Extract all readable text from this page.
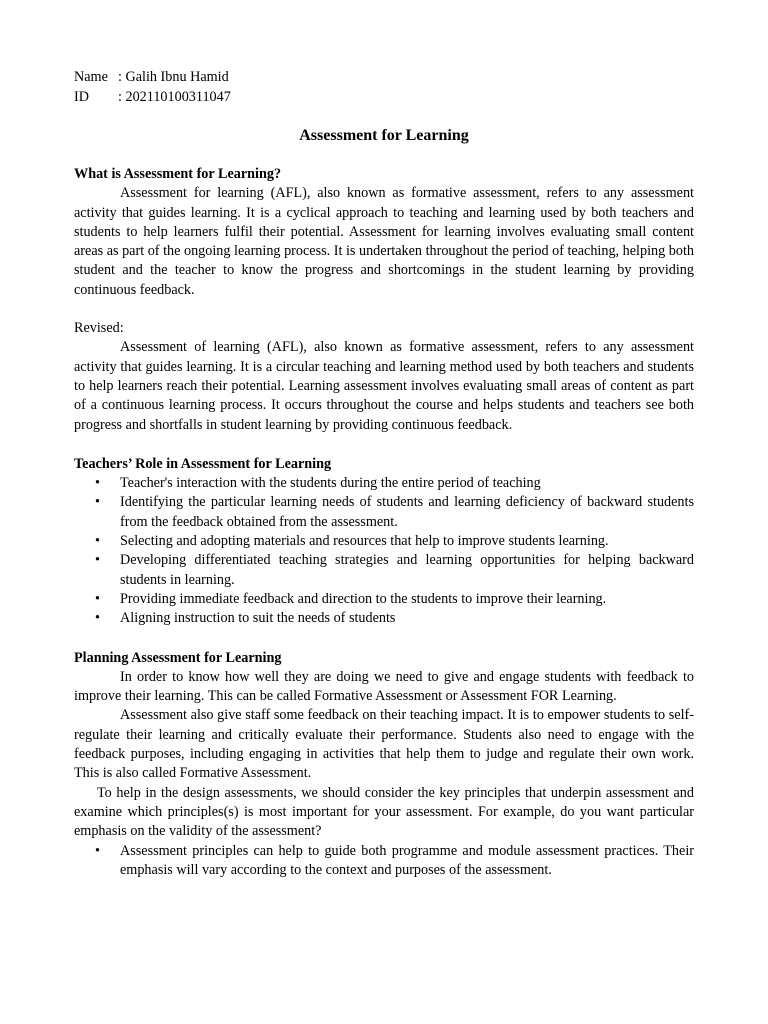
Name : Galih Ibnu Hamid
ID	: 202110100311047
Assessment for Learning
What is Assessment for Learning?

Assessment for learning (AFL), also known as formative assessment, refers to any assessment activity that guides learning. It is a cyclical approach to teaching and learning used by both teachers and students to help learners fulfil their potential. Assessment for learning involves evaluating small content areas as part of the ongoing learning process. It is undertaken throughout the period of teaching, helping both student and the teacher to know the progress and shortcomings in the student learning by providing continuous feedback.

Revised:

Assessment of learning (AFL), also known as formative assessment, refers to any assessment activity that guides learning. It is a circular teaching and learning method used by both teachers and students to help learners reach their potential. Learning assessment involves evaluating small areas of content as part of a continuous learning process. It occurs throughout the course and helps students and teachers see both progress and shortfalls in student learning by providing continuous feedback.

Teachers’ Role in Assessment for Learning
• Teacher's interaction with the students during the entire period of teaching
• Identifying the particular learning needs of students and learning deficiency of backward students from the feedback obtained from the assessment.
• Selecting and adopting materials and resources that help to improve students learning.
• Developing differentiated teaching strategies and learning opportunities for helping backward students in learning.
• Providing immediate feedback and direction to the students to improve their learning.
• Aligning instruction to suit the needs of students
Planning Assessment for Learning

In order to know how well they are doing we need to give and engage students with feedback to improve their learning. This can be called Formative Assessment or Assessment FOR Learning.

Assessment also give staff some feedback on their teaching impact. It is to empower students to self-regulate their learning and critically evaluate their performance. Students also need to engage with the feedback purposes, including engaging in activities that help them to judge and regulate their own work. This is also called Formative Assessment.

To help in the design assessments, we should consider the key principles that underpin assessment and examine which principles(s) is most important for your assessment. For example, do you want particular emphasis on the validity of the assessment?

• Assessment principles can help to guide both programme and module assessment practices. Their emphasis will vary according to the context and purposes of the assessment.
